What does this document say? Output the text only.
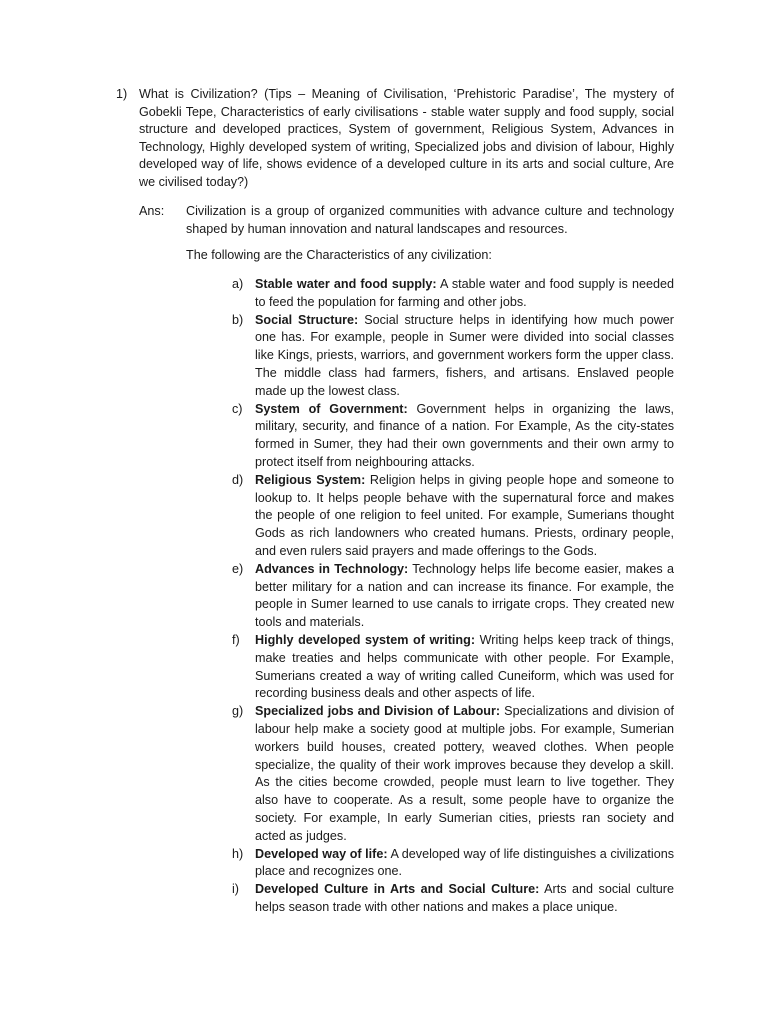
1) What is Civilization? (Tips – Meaning of Civilisation, ‘Prehistoric Paradise’, The mystery of Gobekli Tepe, Characteristics of early civilisations - stable water supply and food supply, social structure and developed practices, System of government, Religious System, Advances in Technology, Highly developed system of writing, Specialized jobs and division of labour, Highly developed way of life, shows evidence of a developed culture in its arts and social culture, Are we civilised today?)
Ans: Civilization is a group of organized communities with advance culture and technology shaped by human innovation and natural landscapes and resources.
The following are the Characteristics of any civilization:
a) Stable water and food supply: A stable water and food supply is needed to feed the population for farming and other jobs.
b) Social Structure: Social structure helps in identifying how much power one has. For example, people in Sumer were divided into social classes like Kings, priests, warriors, and government workers form the upper class. The middle class had farmers, fishers, and artisans. Enslaved people made up the lowest class.
c) System of Government: Government helps in organizing the laws, military, security, and finance of a nation. For Example, As the city-states formed in Sumer, they had their own governments and their own army to protect itself from neighbouring attacks.
d) Religious System: Religion helps in giving people hope and someone to lookup to. It helps people behave with the supernatural force and makes the people of one religion to feel united. For example, Sumerians thought Gods as rich landowners who created humans. Priests, ordinary people, and even rulers said prayers and made offerings to the Gods.
e) Advances in Technology: Technology helps life become easier, makes a better military for a nation and can increase its finance. For example, the people in Sumer learned to use canals to irrigate crops. They created new tools and materials.
f) Highly developed system of writing: Writing helps keep track of things, make treaties and helps communicate with other people. For Example, Sumerians created a way of writing called Cuneiform, which was used for recording business deals and other aspects of life.
g) Specialized jobs and Division of Labour: Specializations and division of labour help make a society good at multiple jobs. For example, Sumerian workers build houses, created pottery, weaved clothes. When people specialize, the quality of their work improves because they develop a skill. As the cities become crowded, people must learn to live together. They also have to cooperate. As a result, some people have to organize the society. For example, In early Sumerian cities, priests ran society and acted as judges.
h) Developed way of life: A developed way of life distinguishes a civilizations place and recognizes one.
i) Developed Culture in Arts and Social Culture: Arts and social culture helps season trade with other nations and makes a place unique.
